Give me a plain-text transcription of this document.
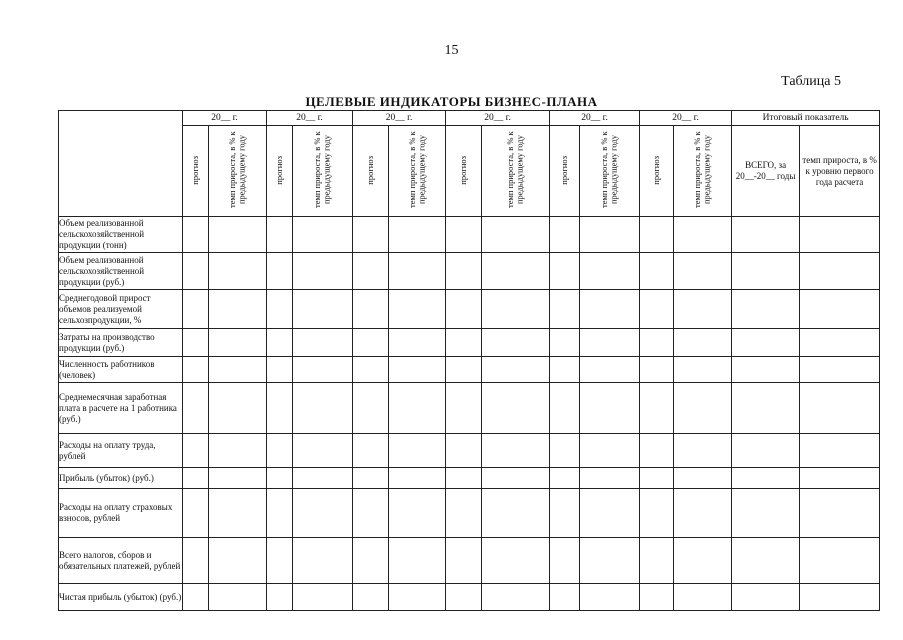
15
Таблица 5
ЦЕЛЕВЫЕ ИНДИКАТОРЫ БИЗНЕС-ПЛАНА
	20__ г.		20__ г.		20__ г.		20__ г.		20__ г.		20__ г.		Итоговый показатель	
	прогноз	темп прироста, в % к предыдущему году	прогноз	темп прироста, в % к предыдущему году	прогноз	темп прироста, в % к предыдущему году	прогноз	темп прироста, в % к предыдущему году	прогноз	темп прироста, в % к предыдущему году	прогноз	темп прироста, в % к предыдущему году	ВСЕГО, за 20__-20__ годы	темп прироста, в % к уровню первого года расчета
Объем реализованной сельскохозяйственной продукции (тонн)														
Объем реализованной сельскохозяйственной продукции (руб.)														
Среднегодовой прирост объемов реализуемой сельхозпродукции, %														
Затраты на производство продукции (руб.)														
Численность работников (человек)														
Среднемесячная заработная плата в расчете на 1 работника (руб.)														
Расходы на оплату труда, рублей														
Прибыль (убыток) (руб.)														
Расходы на оплату страховых взносов, рублей														
Всего налогов, сборов и обязательных платежей, рублей														
Чистая прибыль (убыток) (руб.)														
